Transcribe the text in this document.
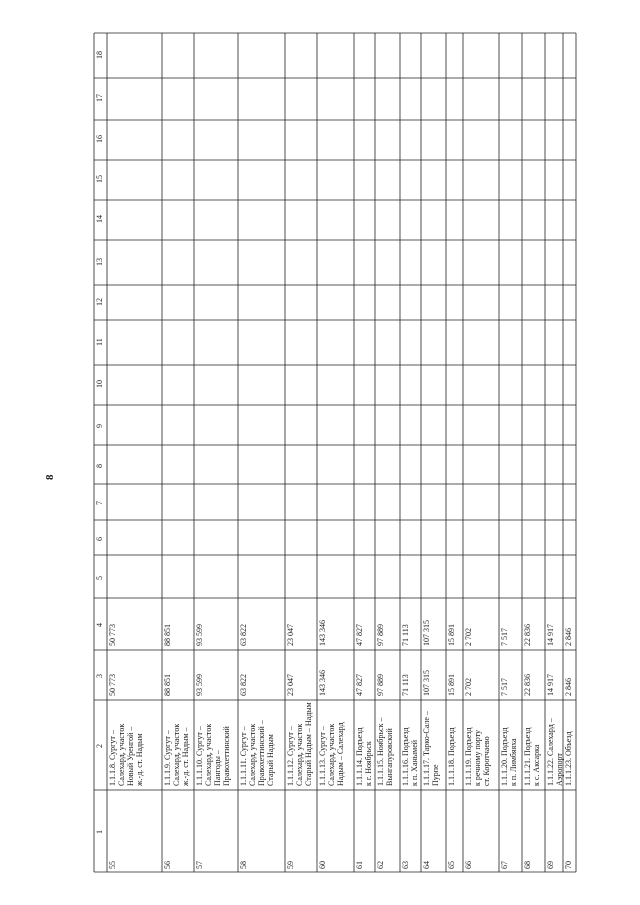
1
2
3
4
5
6
7
8
9
10
11
12
13
14
15
16
17
18
55
1.1.1.8. Сургут – Салехард, участок Новый Уренгой – ж.-д. ст. Надым
50 773
50 773
56
1.1.1.9. Сургут – Салехард, участок ж.-д. ст. Надым –
88 851
88 851
57
1.1.1.10. Сургут – Салехард, участок Пангоды – Правохеттинский
93 599
93 599
58
1.1.1.11. Сургут – Салехард, участок Правохеттинский – Старый Надым
63 822
63 822
59
1.1.1.12. Сургут – Салехард, участок Старый Надым – Надым
23 047
23 047
60
1.1.1.13. Сургут – Салехард, участок Надым – Салехард
143 346
143 346
61
1.1.1.14. Подъезд к г. Ноябрьск
47 827
47 827
62
1.1.1.15. Ноябрьск – Вынгапуровский
97 889
97 889
63
1.1.1.16. Подъезд к п. Ханымей
71 113
71 113
64
1.1.1.17. Тарко-Сале – Пурпе
107 315
107 315
65
1.1.1.18. Подъезд
15 891
15 891
66
1.1.1.19. Подъезд к речному порту ст. Коротчаево
2 702
2 702
67
1.1.1.20. Подъезд к п. Лимбяяха
7 517
7 517
68
1.1.1.21. Подъезд к с. Аксарка
22 836
22 836
69
1.1.1.22. Салехард – Аэропорт
14 917
14 917
70
1.1.1.23. Объезд
2 846
2 846
8
